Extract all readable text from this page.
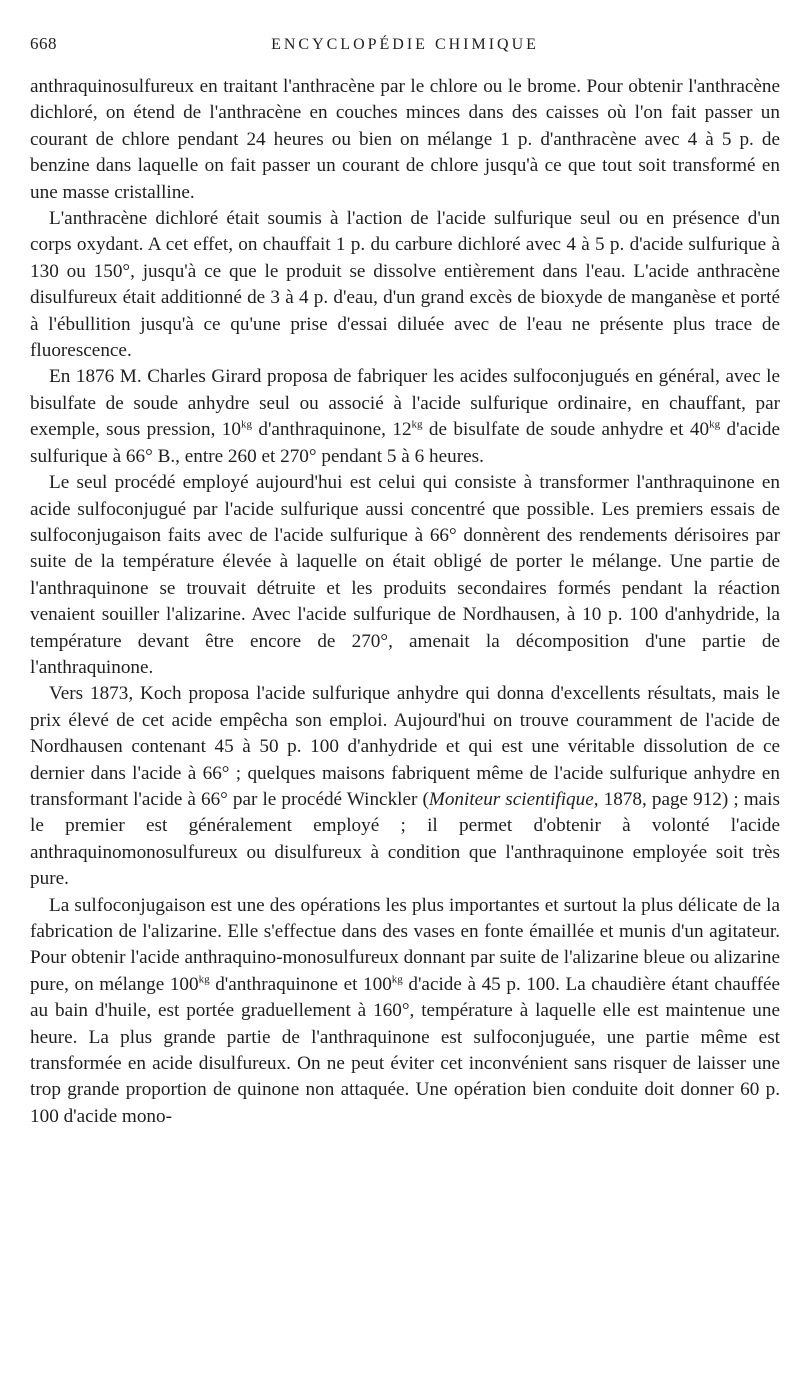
668	ENCYCLOPÉDIE CHIMIQUE

anthraquinosulfureux en traitant l'anthracène par le chlore ou le brome. Pour obtenir l'anthracène dichloré, on étend de l'anthracène en couches minces dans des caisses où l'on fait passer un courant de chlore pendant 24 heures ou bien on mélange 1 p. d'anthracène avec 4 à 5 p. de benzine dans laquelle on fait passer un courant de chlore jusqu'à ce que tout soit transformé en une masse cristalline.

L'anthracène dichloré était soumis à l'action de l'acide sulfurique seul ou en présence d'un corps oxydant. A cet effet, on chauffait 1 p. du carbure dichloré avec 4 à 5 p. d'acide sulfurique à 130 ou 150°, jusqu'à ce que le produit se dissolve entièrement dans l'eau. L'acide anthracène disulfureux était additionné de 3 à 4 p. d'eau, d'un grand excès de bioxyde de manganèse et porté à l'ébullition jusqu'à ce qu'une prise d'essai diluée avec de l'eau ne présente plus trace de fluorescence.

En 1876 M. Charles Girard proposa de fabriquer les acides sulfoconjugués en général, avec le bisulfate de soude anhydre seul ou associé à l'acide sulfurique ordinaire, en chauffant, par exemple, sous pression, $10^{kg}$ d'anthraquinone, $12^{kg}$ de bisulfate de soude anhydre et $40^{kg}$ d'acide sulfurique à 66° B., entre 260 et 270° pendant 5 à 6 heures.

Le seul procédé employé aujourd'hui est celui qui consiste à transformer l'anthraquinone en acide sulfoconjugué par l'acide sulfurique aussi concentré que possible. Les premiers essais de sulfoconjugaison faits avec de l'acide sulfurique à 66° donnèrent des rendements dérisoires par suite de la température élevée à laquelle on était obligé de porter le mélange. Une partie de l'anthraquinone se trouvait détruite et les produits secondaires formés pendant la réaction venaient souiller l'alizarine. Avec l'acide sulfurique de Nordhausen, à 10 p. 100 d'anhydride, la température devant être encore de 270°, amenait la décomposition d'une partie de l'anthraquinone.

Vers 1873, Koch proposa l'acide sulfurique anhydre qui donna d'excellents résultats, mais le prix élevé de cet acide empêcha son emploi. Aujourd'hui on trouve couramment de l'acide de Nordhausen contenant 45 à 50 p. 100 d'anhydride et qui est une véritable dissolution de ce dernier dans l'acide à 66° ; quelques maisons fabriquent même de l'acide sulfurique anhydre en transformant l'acide à 66° par le procédé Winckler (Moniteur scientifique, 1878, page 912) ; mais le premier est généralement employé ; il permet d'obtenir à volonté l'acide anthraquinomonosulfureux ou disulfureux à condition que l'anthraquinone employée soit très pure.

La sulfoconjugaison est une des opérations les plus importantes et surtout la plus délicate de la fabrication de l'alizarine. Elle s'effectue dans des vases en fonte émaillée et munis d'un agitateur. Pour obtenir l'acide anthraquino-monosulfureux donnant par suite de l'alizarine bleue ou alizarine pure, on mélange $100^{kg}$ d'anthraquinone et $100^{kg}$ d'acide à 45 p. 100. La chaudière étant chauffée au bain d'huile, est portée graduellement à 160°, température à laquelle elle est maintenue une heure. La plus grande partie de l'anthraquinone est sulfoconjuguée, une partie même est transformée en acide disulfureux. On ne peut éviter cet inconvénient sans risquer de laisser une trop grande proportion de quinone non attaquée. Une opération bien conduite doit donner 60 p. 100 d'acide mono-
